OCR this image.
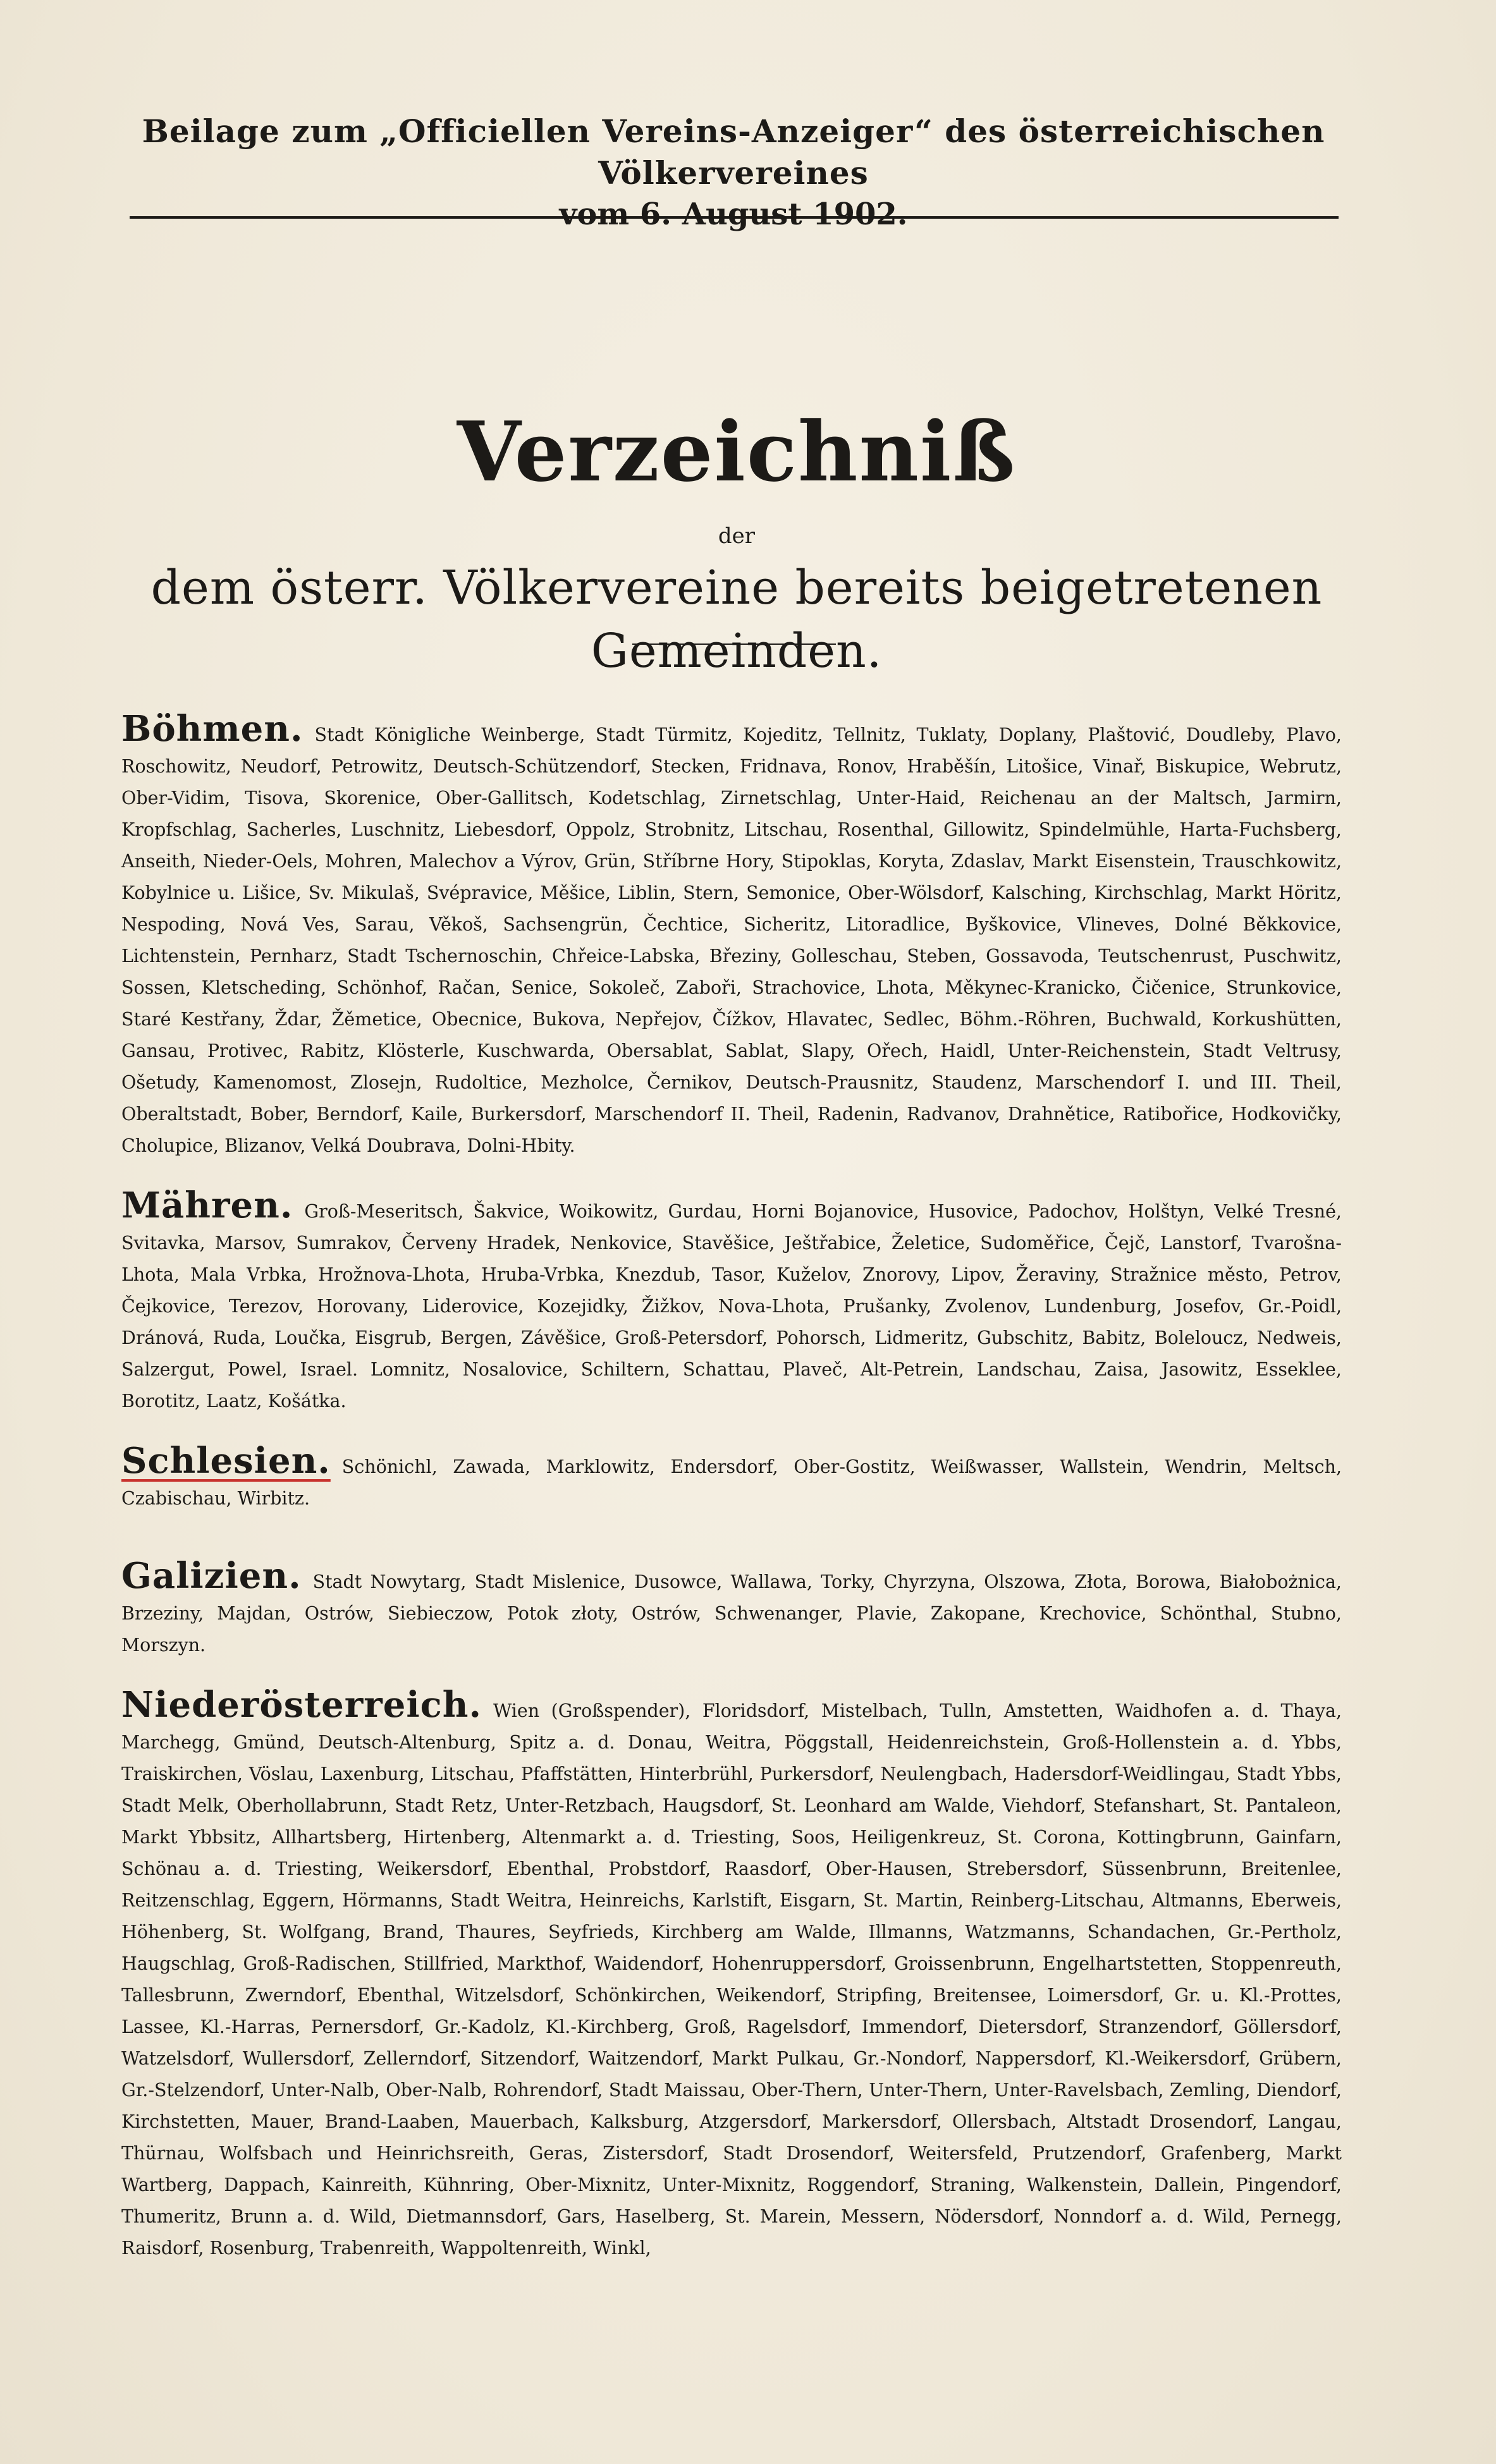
Beilage zum „Officiellen Vereins-Anzeiger“ des österreichischen Völkervereines
vom 6. August 1902.
Verzeichniß
der
dem österr. Völkervereine bereits beigetretenen Gemeinden.
Böhmen. Stadt Königliche Weinberge, Stadt Türmitz, Kojeditz, Tellnitz, Tuklaty, Doplany, Plaštović, Doudleby, Plavo, Roschowitz, Neudorf, Petrowitz, Deutsch-Schützendorf, Stecken, Fridnava, Ronov, Hraběšín, Litošice, Vinař, Biskupice, Webrutz, Ober-Vidim, Tisova, Skorenice, Ober-Gallitsch, Kodetschlag, Zirnetschlag, Unter-Haid, Reichenau an der Maltsch, Jarmirn, Kropfschlag, Sacherles, Luschnitz, Liebesdorf, Oppolz, Strobnitz, Litschau, Rosenthal, Gillowitz, Spindelmühle, Harta-Fuchsberg, Anseith, Nieder-Oels, Mohren, Malechov a Výrov, Grün, Stříbrne Hory, Stipoklas, Koryta, Zdaslav, Markt Eisenstein, Trauschkowitz, Kobylnice u. Lišice, Sv. Mikulaš, Svépravice, Měšice, Liblin, Stern, Semonice, Ober-Wölsdorf, Kalsching, Kirchschlag, Markt Höritz, Nespoding, Nová Ves, Sarau, Věkoš, Sachsengrün, Čechtice, Sicheritz, Litoradlice, Byškovice, Vlineves, Dolné Běkkovice, Lichtenstein, Pernharz, Stadt Tschernoschin, Chřeice-Labska, Březiny, Golleschau, Steben, Gossavoda, Teutschenrust, Puschwitz, Sossen, Kletscheding, Schönhof, Račan, Senice, Sokoleč, Zaboři, Strachovice, Lhota, Měkynec-Kranicko, Čičenice, Strunkovice, Staré Kestřany, Ždar, Žěmetice, Obecnice, Bukova, Nepřejov, Čížkov, Hlavatec, Sedlec, Böhm.-Röhren, Buchwald, Korkushütten, Gansau, Protivec, Rabitz, Klösterle, Kuschwarda, Obersablat, Sablat, Slapy, Ořech, Haidl, Unter-Reichenstein, Stadt Veltrusy, Ošetudy, Kamenomost, Zlosejn, Rudoltice, Mezholce, Černikov, Deutsch-Prausnitz, Staudenz, Marschendorf I. und III. Theil, Oberaltstadt, Bober, Berndorf, Kaile, Burkersdorf, Marschendorf II. Theil, Radenin, Radvanov, Drahnětice, Ratibořice, Hodkovičky, Cholupice, Blizanov, Velká Doubrava, Dolni-Hbity.
Mähren. Groß-Meseritsch, Šakvice, Woikowitz, Gurdau, Horni Bojanovice, Husovice, Padochov, Holštyn, Velké Tresné, Svitavka, Marsov, Sumrakov, Červeny Hradek, Nenkovice, Stavěšice, Ještřabice, Želetice, Sudoměřice, Čejč, Lanstorf, Tvarošna-Lhota, Mala Vrbka, Hrožnova-Lhota, Hruba-Vrbka, Knezdub, Tasor, Kuželov, Znorovy, Lipov, Žeraviny, Stražnice město, Petrov, Čejkovice, Terezov, Horovany, Liderovice, Kozejidky, Žižkov, Nova-Lhota, Prušanky, Zvolenov, Lundenburg, Josefov, Gr.-Poidl, Dránová, Ruda, Loučka, Eisgrub, Bergen, Závěšice, Groß-Petersdorf, Pohorsch, Lidmeritz, Gubschitz, Babitz, Boleloucz, Nedweis, Salzergut, Powel, Israel. Lomnitz, Nosalovice, Schiltern, Schattau, Plaveč, Alt-Petrein, Landschau, Zaisa, Jasowitz, Esseklee, Borotitz, Laatz, Košátka.
Schlesien. Schönichl, Zawada, Marklowitz, Endersdorf, Ober-Gostitz, Weißwasser, Wallstein, Wendrin, Meltsch, Czabischau, Wirbitz.
Galizien. Stadt Nowytarg, Stadt Mislenice, Dusowce, Wallawa, Torky, Chyrzyna, Olszowa, Złota, Borowa, Białobożnica, Brzeziny, Majdan, Ostrów, Siebieczow, Potok złoty, Ostrów, Schwenanger, Plavie, Zakopane, Krechovice, Schönthal, Stubno, Morszyn.
Niederösterreich. Wien (Großspender), Floridsdorf, Mistelbach, Tulln, Amstetten, Waidhofen a. d. Thaya, Marchegg, Gmünd, Deutsch-Altenburg, Spitz a. d. Donau, Weitra, Pöggstall, Heidenreichstein, Groß-Hollenstein a. d. Ybbs, Traiskirchen, Vöslau, Laxenburg, Litschau, Pfaffstätten, Hinterbrühl, Purkersdorf, Neulengbach, Hadersdorf-Weidlingau, Stadt Ybbs, Stadt Melk, Oberhollabrunn, Stadt Retz, Unter-Retzbach, Haugsdorf, St. Leonhard am Walde, Viehdorf, Stefanshart, St. Pantaleon, Markt Ybbsitz, Allhartsberg, Hirtenberg, Altenmarkt a. d. Triesting, Soos, Heiligenkreuz, St. Corona, Kottingbrunn, Gainfarn, Schönau a. d. Triesting, Weikersdorf, Ebenthal, Probstdorf, Raasdorf, Ober-Hausen, Strebersdorf, Süssenbrunn, Breitenlee, Reitzenschlag, Eggern, Hörmanns, Stadt Weitra, Heinreichs, Karlstift, Eisgarn, St. Martin, Reinberg-Litschau, Altmanns, Eberweis, Höhenberg, St. Wolfgang, Brand, Thaures, Seyfrieds, Kirchberg am Walde, Illmanns, Watzmanns, Schandachen, Gr.-Pertholz, Haugschlag, Groß-Radischen, Stillfried, Markthof, Waidendorf, Hohenruppersdorf, Groissenbrunn, Engelhartstetten, Stoppenreuth, Tallesbrunn, Zwerndorf, Ebenthal, Witzelsdorf, Schönkirchen, Weikendorf, Stripfing, Breitensee, Loimersdorf, Gr. u. Kl.-Prottes, Lassee, Kl.-Harras, Pernersdorf, Gr.-Kadolz, Kl.-Kirchberg, Groß, Ragelsdorf, Immendorf, Dietersdorf, Stranzendorf, Göllersdorf, Watzelsdorf, Wullersdorf, Zellerndorf, Sitzendorf, Waitzendorf, Markt Pulkau, Gr.-Nondorf, Nappersdorf, Kl.-Weikersdorf, Grübern, Gr.-Stelzendorf, Unter-Nalb, Ober-Nalb, Rohrendorf, Stadt Maissau, Ober-Thern, Unter-Thern, Unter-Ravelsbach, Zemling, Diendorf, Kirchstetten, Mauer, Brand-Laaben, Mauerbach, Kalksburg, Atzgersdorf, Markersdorf, Ollersbach, Altstadt Drosendorf, Langau, Thürnau, Wolfsbach und Heinrichsreith, Geras, Zistersdorf, Stadt Drosendorf, Weitersfeld, Prutzendorf, Grafenberg, Markt Wartberg, Dappach, Kainreith, Kühnring, Ober-Mixnitz, Unter-Mixnitz, Roggendorf, Straning, Walkenstein, Dallein, Pingendorf, Thumeritz, Brunn a. d. Wild, Dietmannsdorf, Gars, Haselberg, St. Marein, Messern, Nödersdorf, Nonndorf a. d. Wild, Pernegg, Raisdorf, Rosenburg, Trabenreith, Wappoltenreith, Winkl,
